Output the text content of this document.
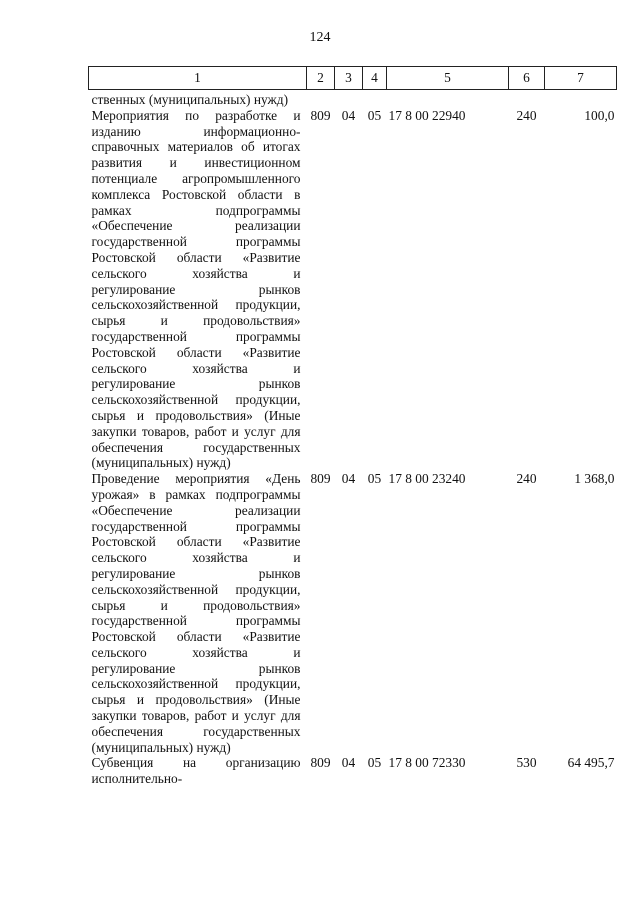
124
1	2	3	4	5	6	7
ственных (муниципальных) нужд)						
Мероприятия по разработке и изданию информационно-справочных материалов об итогах развития и инвестиционном потенциале агропромышленного комплекса Ростовской области в рамках подпрограммы «Обеспечение реализации государственной программы Ростовской области «Развитие сельского хозяйства и регулирование рынков сельскохозяйственной продукции, сырья и продовольствия» государственной программы Ростовской области «Развитие сельского хозяйства и регулирование рынков сельскохозяйственной продукции, сырья и продовольствия» (Иные закупки товаров, работ и услуг для обеспечения государственных (муниципальных) нужд)	809	04	05	17 8 00 22940	240	100,0
Проведение мероприятия «День урожая» в рамках подпрограммы «Обеспечение реализации государственной программы Ростовской области «Развитие сельского хозяйства и регулирование рынков сельскохозяйственной продукции, сырья и продовольствия» государственной программы Ростовской области «Развитие сельского хозяйства и регулирование рынков сельскохозяйственной продукции, сырья и продовольствия» (Иные закупки товаров, работ и услуг для обеспечения государственных (муниципальных) нужд)	809	04	05	17 8 00 23240	240	1 368,0
Субвенция на организацию исполнительно-	809	04	05	17 8 00 72330	530	64 495,7
